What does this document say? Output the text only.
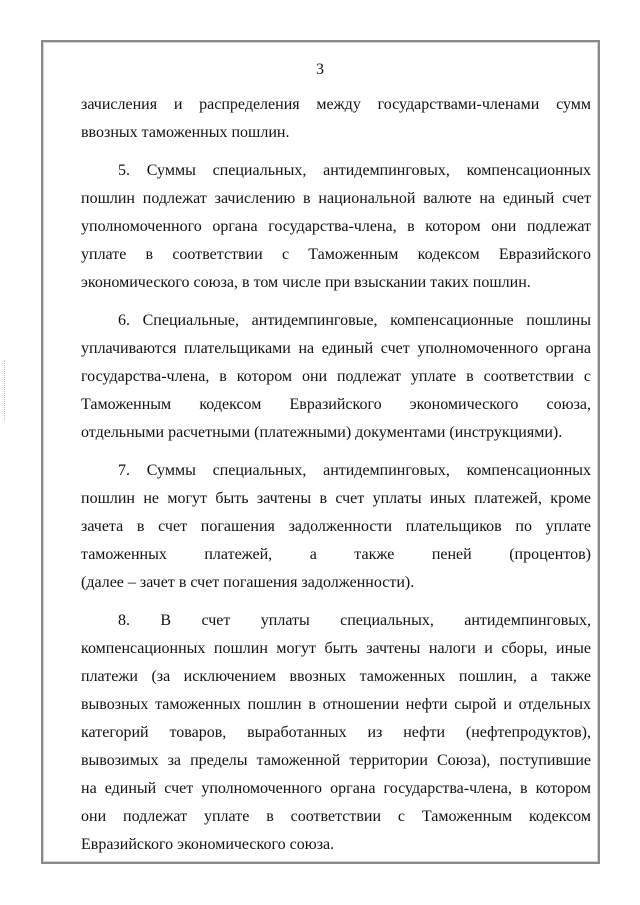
3
зачисления и распределения между государствами-членами сумм
ввозных таможенных пошлин.
5. Суммы специальных, антидемпинговых, компенсационных
пошлин подлежат зачислению в национальной валюте на единый счет
уполномоченного органа государства-члена, в котором они подлежат
уплате в соответствии с Таможенным кодексом Евразийского
экономического союза, в том числе при взыскании таких пошлин.
6. Специальные, антидемпинговые, компенсационные пошлины
уплачиваются плательщиками на единый счет уполномоченного органа
государства-члена, в котором они подлежат уплате в соответствии с
Таможенным кодексом Евразийского экономического союза,
отдельными расчетными (платежными) документами (инструкциями).
7. Суммы специальных, антидемпинговых, компенсационных
пошлин не могут быть зачтены в счет уплаты иных платежей, кроме
зачета в счет погашения задолженности плательщиков по уплате
таможенных платежей, а также пеней (процентов)
(далее – зачет в счет погашения задолженности).
8. В счет уплаты специальных, антидемпинговых,
компенсационных пошлин могут быть зачтены налоги и сборы, иные
платежи (за исключением ввозных таможенных пошлин, а также
вывозных таможенных пошлин в отношении нефти сырой и отдельных
категорий товаров, выработанных из нефти (нефтепродуктов),
вывозимых за пределы таможенной территории Союза), поступившие
на единый счет уполномоченного органа государства-члена, в котором
они подлежат уплате в соответствии с Таможенным кодексом
Евразийского экономического союза.
